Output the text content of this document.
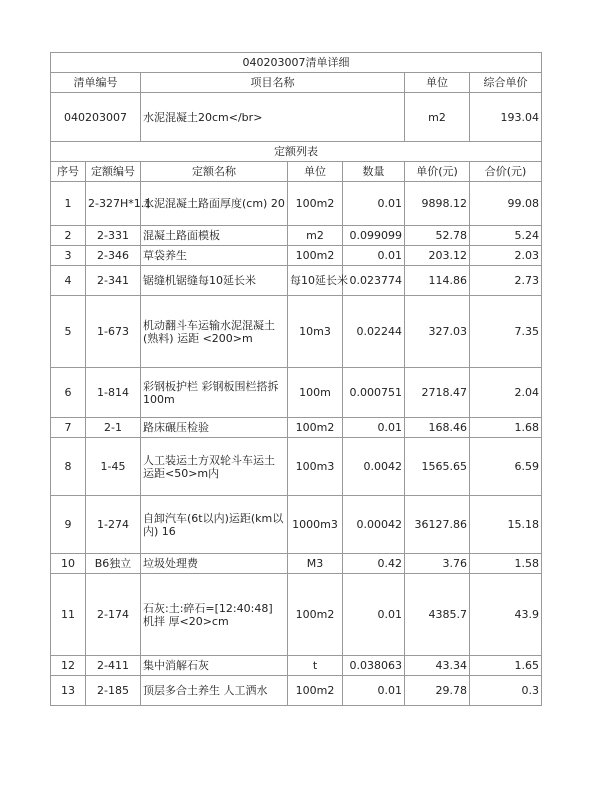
040203007清单详细						
清单编号		项目名称			单位	综合单价
040203007		水泥混凝土20cm</br>			m2	193.04
定额列表						
序号	定额编号	定额名称	单位	数量	单价(元)	合价(元)
1	2-327H*1.1	水泥混凝土路面厚度(cm) 20	100m2	0.01	9898.12	99.08
2	2-331	混凝土路面模板	m2	0.099099	52.78	5.24
3	2-346	草袋养生	100m2	0.01	203.12	2.03
4	2-341	锯缝机锯缝每10延长米	每10延长米	0.023774	114.86	2.73
5	1-673	机动翻斗车运输水泥混凝土(熟料) 运距 <200>m	10m3	0.02244	327.03	7.35
6	1-814	彩钢板护栏 彩钢板围栏搭拆 100m	100m	0.000751	2718.47	2.04
7	2-1	路床碾压检验	100m2	0.01	168.46	1.68
8	1-45	人工装运土方双轮斗车运土 运距<50>m内	100m3	0.0042	1565.65	6.59
9	1-274	自卸汽车(6t以内)运距(km以内) 16	1000m3	0.00042	36127.86	15.18
10	B6独立	垃圾处理费	M3	0.42	3.76	1.58
11	2-174	石灰:土:碎石=[12:40:48] 机拌 厚<20>cm	100m2	0.01	4385.7	43.9
12	2-411	集中消解石灰	t	0.038063	43.34	1.65
13	2-185	顶层多合土养生 人工洒水	100m2	0.01	29.78	0.3
